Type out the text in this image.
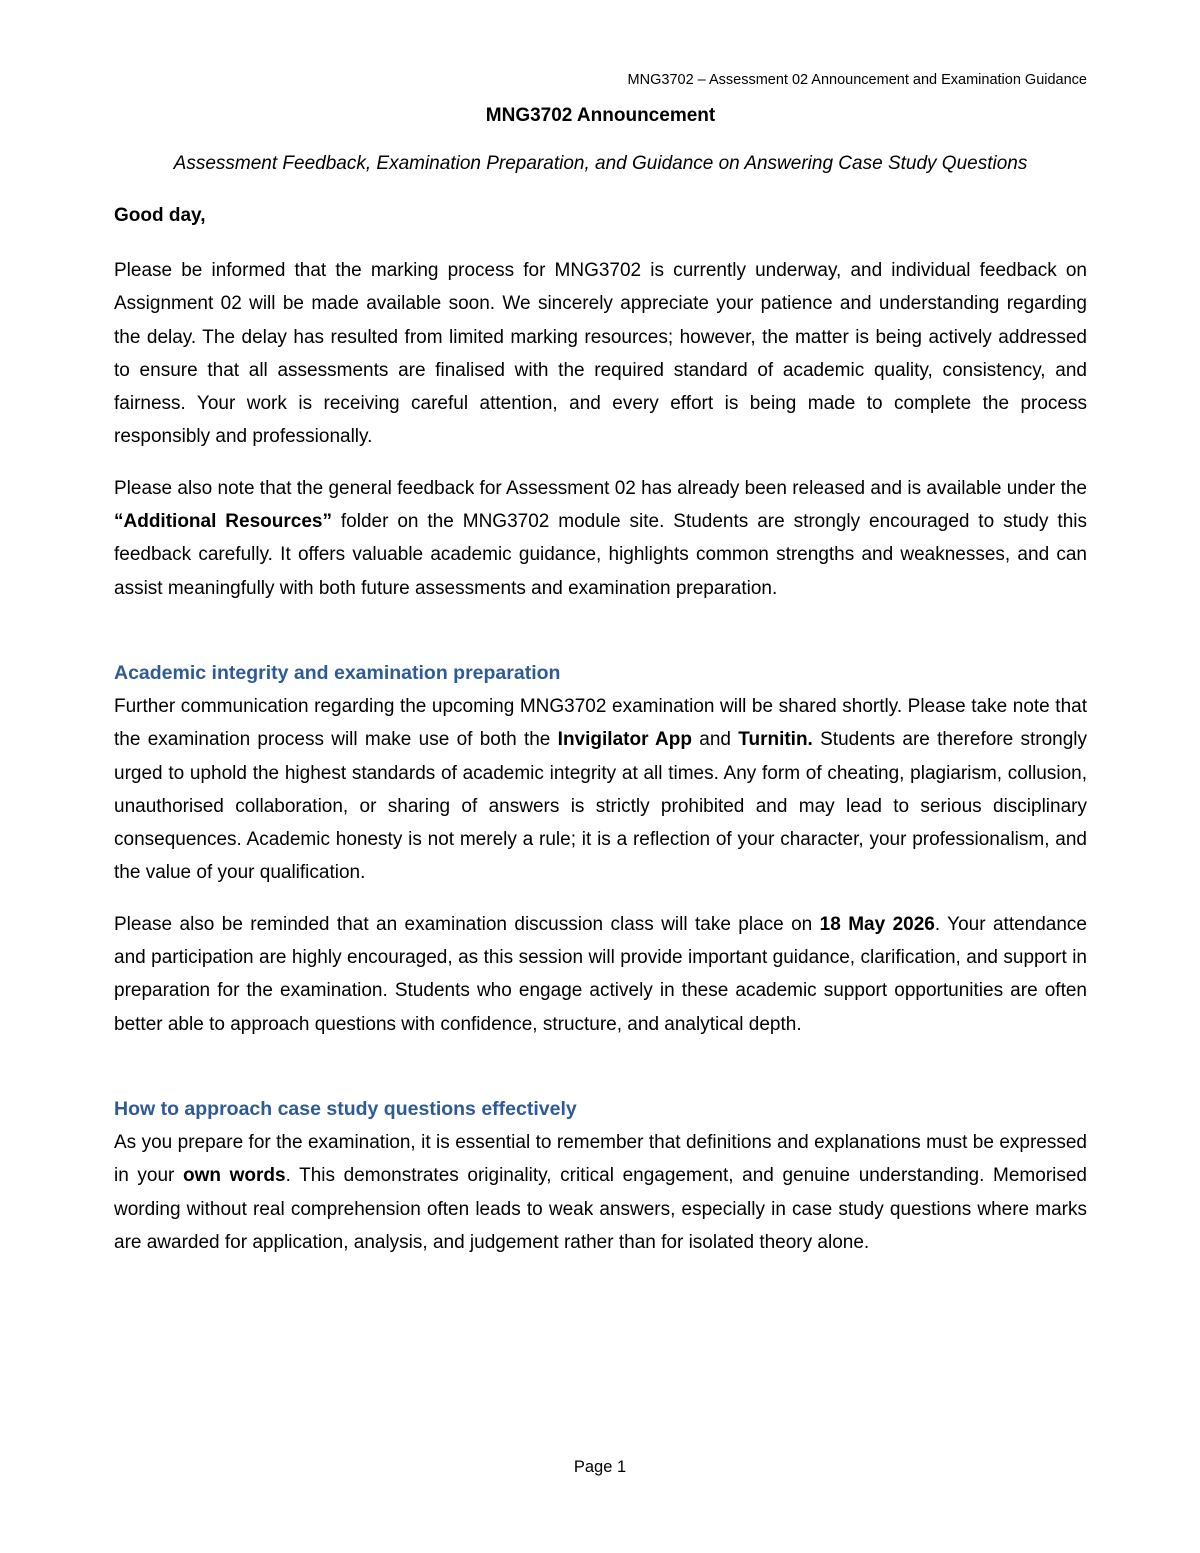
MNG3702 – Assessment 02 Announcement and Examination Guidance
MNG3702 Announcement

Assessment Feedback, Examination Preparation, and Guidance on Answering Case Study Questions

Good day,

Please be informed that the marking process for MNG3702 is currently underway, and individual feedback on Assignment 02 will be made available soon. We sincerely appreciate your patience and understanding regarding the delay. The delay has resulted from limited marking resources; however, the matter is being actively addressed to ensure that all assessments are finalised with the required standard of academic quality, consistency, and fairness. Your work is receiving careful attention, and every effort is being made to complete the process responsibly and professionally.

Please also note that the general feedback for Assessment 02 has already been released and is available under the “Additional Resources” folder on the MNG3702 module site. Students are strongly encouraged to study this feedback carefully. It offers valuable academic guidance, highlights common strengths and weaknesses, and can assist meaningfully with both future assessments and examination preparation.

Academic integrity and examination preparation

Further communication regarding the upcoming MNG3702 examination will be shared shortly. Please take note that the examination process will make use of both the Invigilator App and Turnitin. Students are therefore strongly urged to uphold the highest standards of academic integrity at all times. Any form of cheating, plagiarism, collusion, unauthorised collaboration, or sharing of answers is strictly prohibited and may lead to serious disciplinary consequences. Academic honesty is not merely a rule; it is a reflection of your character, your professionalism, and the value of your qualification.

Please also be reminded that an examination discussion class will take place on 18 May 2026. Your attendance and participation are highly encouraged, as this session will provide important guidance, clarification, and support in preparation for the examination. Students who engage actively in these academic support opportunities are often better able to approach questions with confidence, structure, and analytical depth.

How to approach case study questions effectively

As you prepare for the examination, it is essential to remember that definitions and explanations must be expressed in your own words. This demonstrates originality, critical engagement, and genuine understanding. Memorised wording without real comprehension often leads to weak answers, especially in case study questions where marks are awarded for application, analysis, and judgement rather than for isolated theory alone.

Page 1
